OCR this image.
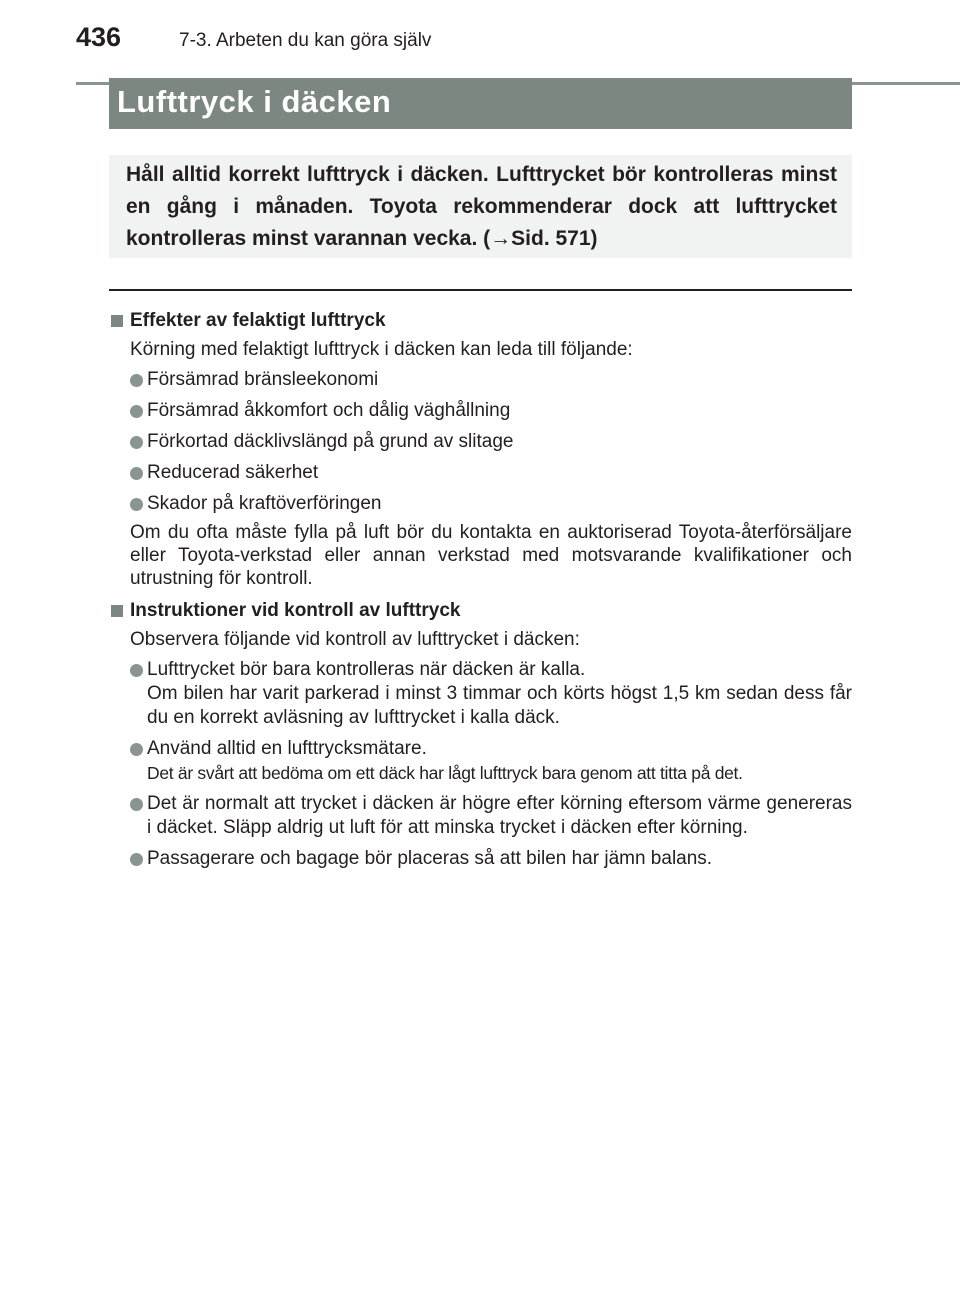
436	7-3. Arbeten du kan göra själv
Lufttryck i däcken
Håll alltid korrekt lufttryck i däcken. Lufttrycket bör kontrolleras minst en gång i månaden. Toyota rekommenderar dock att lufttrycket kontrolleras minst varannan vecka. (→Sid. 571)
Effekter av felaktigt lufttryck
Körning med felaktigt lufttryck i däcken kan leda till följande:
Försämrad bränsleekonomi
Försämrad åkkomfort och dålig väghållning
Förkortad däcklivslängd på grund av slitage
Reducerad säkerhet
Skador på kraftöverföringen
Om du ofta måste fylla på luft bör du kontakta en auktoriserad Toyota-återförsäljare eller Toyota-verkstad eller annan verkstad med motsvarande kvalifikationer och utrustning för kontroll.
Instruktioner vid kontroll av lufttryck
Observera följande vid kontroll av lufttrycket i däcken:
Lufttrycket bör bara kontrolleras när däcken är kalla.
Om bilen har varit parkerad i minst 3 timmar och körts högst 1,5 km sedan dess får du en korrekt avläsning av lufttrycket i kalla däck.
Använd alltid en lufttrycksmätare.
Det är svårt att bedöma om ett däck har lågt lufttryck bara genom att titta på det.
Det är normalt att trycket i däcken är högre efter körning eftersom värme genereras i däcket. Släpp aldrig ut luft för att minska trycket i däcken efter körning.
Passagerare och bagage bör placeras så att bilen har jämn balans.
